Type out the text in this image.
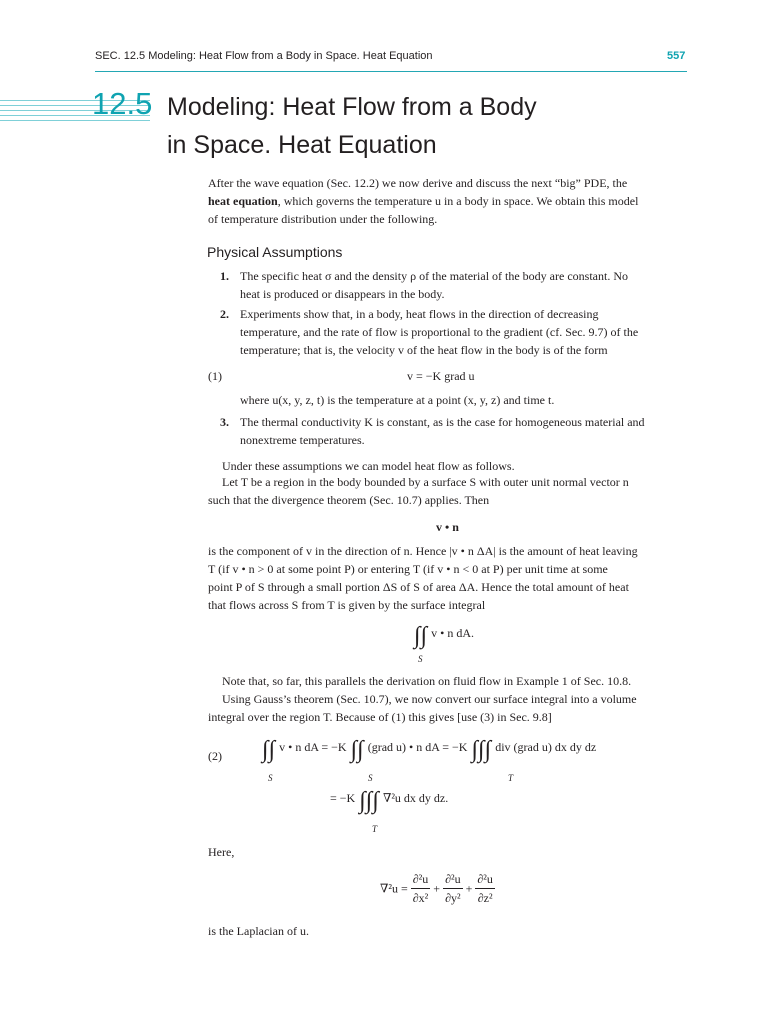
SEC. 12.5 Modeling: Heat Flow from a Body in Space. Heat Equation	557
12.5 Modeling: Heat Flow from a Body
in Space. Heat Equation
After the wave equation (Sec. 12.2) we now derive and discuss the next “big” PDE, the
heat equation, which governs the temperature u in a body in space. We obtain this model
of temperature distribution under the following.
Physical Assumptions
1. The specific heat σ and the density ρ of the material of the body are constant. No
heat is produced or disappears in the body.
2. Experiments show that, in a body, heat flows in the direction of decreasing
temperature, and the rate of flow is proportional to the gradient (cf. Sec. 9.7) of the
temperature; that is, the velocity v of the heat flow in the body is of the form
(1)	v = −K grad u
where u(x, y, z, t) is the temperature at a point (x, y, z) and time t.
3. The thermal conductivity K is constant, as is the case for homogeneous material and
nonextreme temperatures.
Under these assumptions we can model heat flow as follows.
Let T be a region in the body bounded by a surface S with outer unit normal vector n
such that the divergence theorem (Sec. 10.7) applies. Then
v • n
is the component of v in the direction of n. Hence |v • n ΔA| is the amount of heat leaving
T (if v • n > 0 at some point P) or entering T (if v • n < 0 at P) per unit time at some
point P of S through a small portion ΔS of S of area ΔA. Hence the total amount of heat
that flows across S from T is given by the surface integral
∫∫ $^{v • n dA.}$
S
Note that, so far, this parallels the derivation on fluid flow in Example 1 of Sec. 10.8.
Using Gauss’s theorem (Sec. 10.7), we now convert our surface integral into a volume
integral over the region T. Because of (1) this gives [use (3) in Sec. 9.8]
(2) ∫∫ $^{v • n dA = -K}$ ∫∫ $^{(grad u) • n dA = -K}$ ∫∫∫ $^{div (grad u) dx dy dz}$
S	S	T
$^{= -K}$ ∫∫∫ $^{\nabla^2u dx dy dz.}$
T
Here,
$\nabla^2u = \frac{\text{∂²u}}{\text{∂x²}} + \frac{\text{∂²u}}{\text{∂y²}} + \frac{\text{∂²u}}{\text{∂z²}}$
is the Laplacian of u.
